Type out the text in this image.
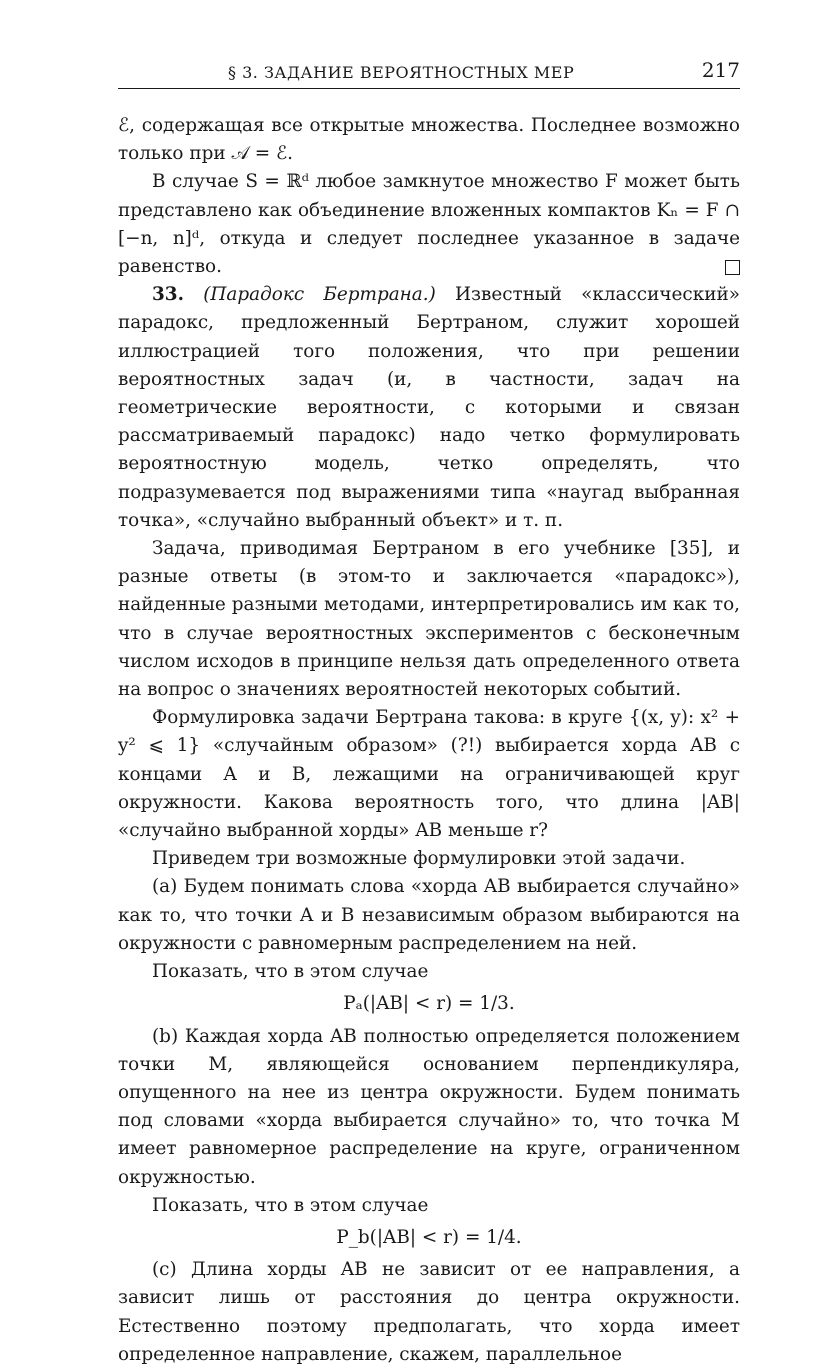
§ 3. ЗАДАНИЕ ВЕРОЯТНОСТНЫХ МЕР	217

ℰ, содержащая все открытые множества. Последнее возможно только при 𝒜 = ℰ.

В случае S = ℝᵈ любое замкнутое множество F может быть представлено как объединение вложенных компактов Kₙ = F ∩ [−n, n]ᵈ, откуда и следует последнее указанное в задаче равенство.

33. (Парадокс Бертрана.) Известный «классический» парадокс, предложенный Бертраном, служит хорошей иллюстрацией того положения, что при решении вероятностных задач (и, в частности, задач на геометрические вероятности, с которыми и связан рассматриваемый парадокс) надо четко формулировать вероятностную модель, четко определять, что подразумевается под выражениями типа «наугад выбранная точка», «случайно выбранный объект» и т. п.

Задача, приводимая Бертраном в его учебнике [35], и разные ответы (в этом-то и заключается «парадокс»), найденные разными методами, интерпретировались им как то, что в случае вероятностных экспериментов с бесконечным числом исходов в принципе нельзя дать определенного ответа на вопрос о значениях вероятностей некоторых событий.

Формулировка задачи Бертрана такова: в круге {(x, y): x² + y² ⩽ 1} «случайным образом» (?!) выбирается хорда AB с концами A и B, лежащими на ограничивающей круг окружности. Какова вероятность того, что длина |AB| «случайно выбранной хорды» AB меньше r?

Приведем три возможные формулировки этой задачи.

(a) Будем понимать слова «хорда AB выбирается случайно» как то, что точки A и B независимым образом выбираются на окружности с равномерным распределением на ней.

Показать, что в этом случае

Pₐ(|AB| < r) = 1/3.

(b) Каждая хорда AB полностью определяется положением точки M, являющейся основанием перпендикуляра, опущенного на нее из центра окружности. Будем понимать под словами «хорда выбирается случайно» то, что точка M имеет равномерное распределение на круге, ограниченном окружностью.

Показать, что в этом случае

P_b(|AB| < r) = 1/4.

(c) Длина хорды AB не зависит от ее направления, а зависит лишь от расстояния до центра окружности. Естественно поэтому предполагать, что хорда имеет определенное направление, скажем, параллельное
